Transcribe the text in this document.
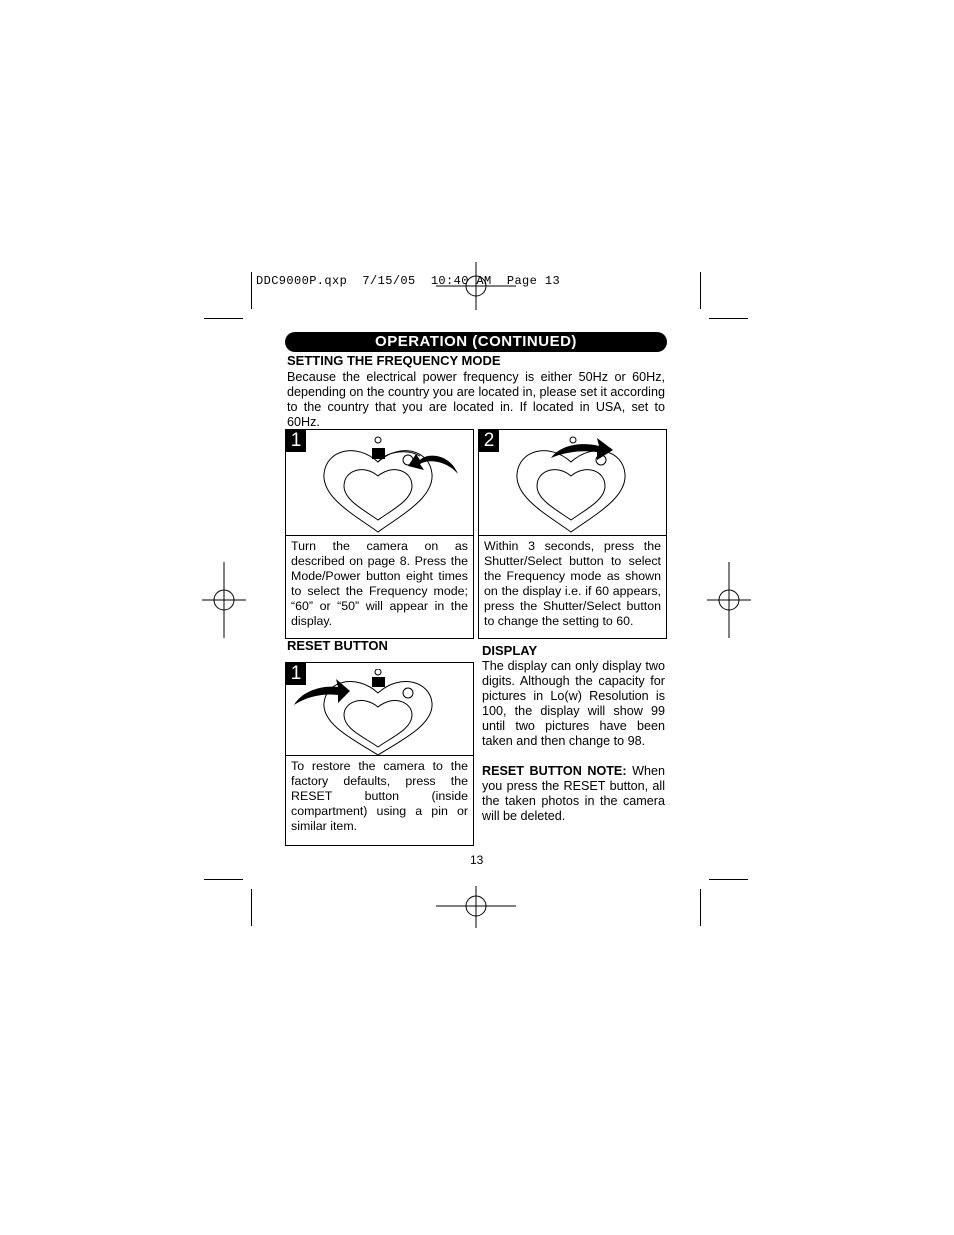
DDC9000P.qxp  7/15/05  10:40 AM  Page 13
OPERATION (CONTINUED)
SETTING THE FREQUENCY MODE
Because the electrical power frequency is either 50Hz or 60Hz, depending on the country you are located in, please set it according to the country that you are located in. If located in USA, set to 60Hz.
1
Turn the camera on as described on page 8. Press the Mode/Power button eight times to select the Frequency mode; “60” or “50” will appear in the display.
2
Within 3 seconds, press the Shutter/Select button to select the Frequency mode as shown on the display i.e. if 60 appears, press the Shutter/Select button to change the setting to 60.
RESET BUTTON
1
To restore the camera to the factory defaults, press the RESET button (inside compartment) using a pin or similar item.
DISPLAY
The display can only display two digits. Although the capacity for pictures in Lo(w) Resolution is 100, the display will show 99 until two pictures have been taken and then change to 98.
RESET BUTTON NOTE: When you press the RESET button, all the taken photos in the camera will be deleted.
13
